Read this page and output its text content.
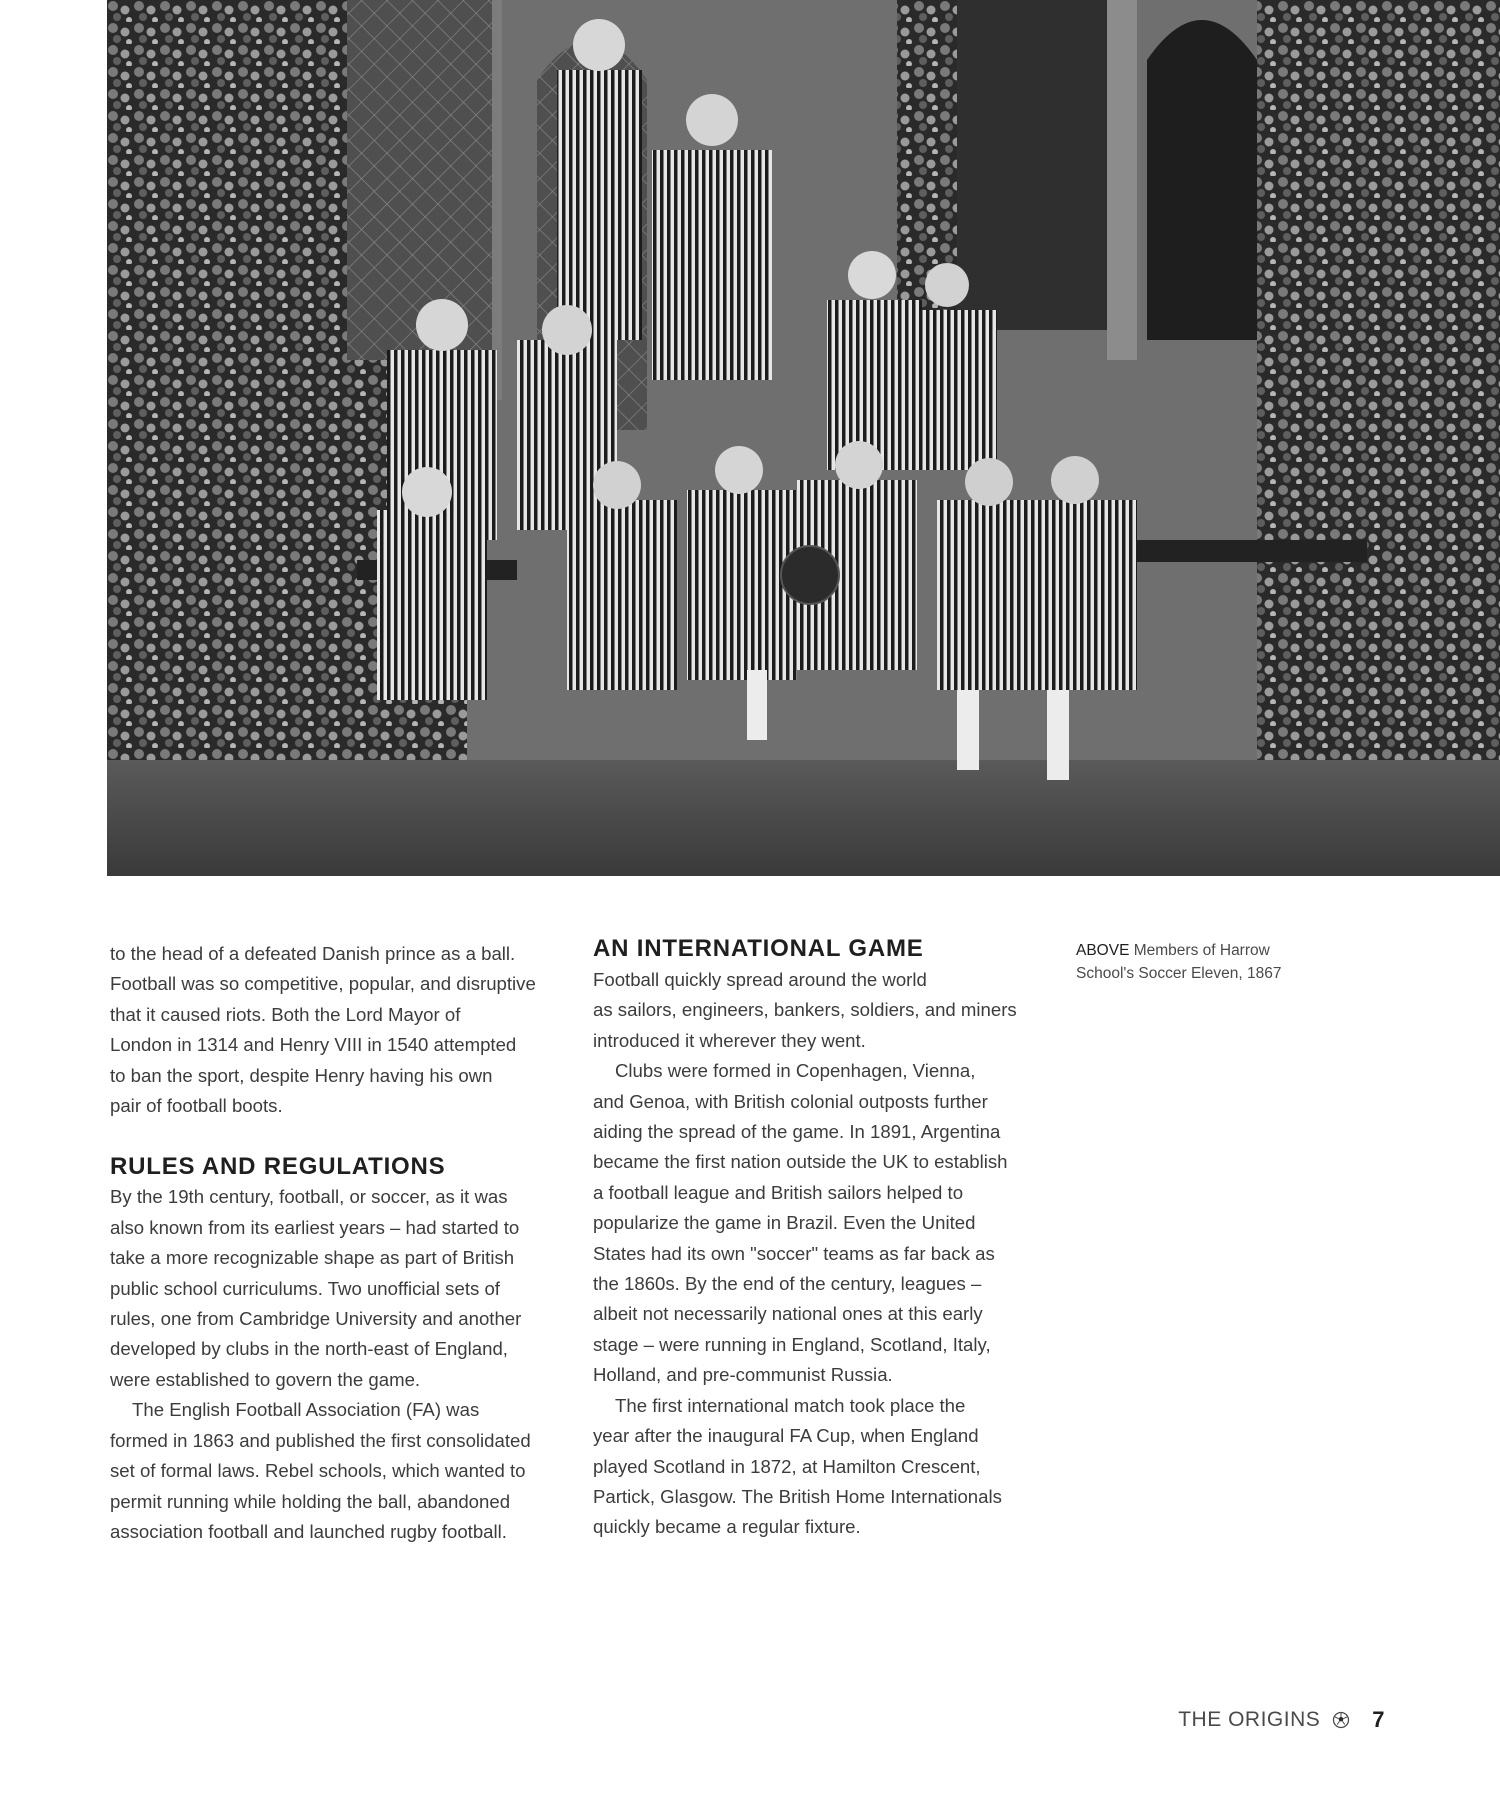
to the head of a defeated Danish prince as a ball.
Football was so competitive, popular, and disruptive
that it caused riots. Both the Lord Mayor of
London in 1314 and Henry VIII in 1540 attempted
to ban the sport, despite Henry having his own
pair of football boots.

RULES AND REGULATIONS

By the 19th century, football, or soccer, as it was
also known from its earliest years – had started to
take a more recognizable shape as part of British
public school curriculums. Two unofficial sets of
rules, one from Cambridge University and another
developed by clubs in the north-east of England,
were established to govern the game.

The English Football Association (FA) was
formed in 1863 and published the first consolidated
set of formal laws. Rebel schools, which wanted to
permit running while holding the ball, abandoned
association football and launched rugby football.

AN INTERNATIONAL GAME

Football quickly spread around the world
as sailors, engineers, bankers, soldiers, and miners
introduced it wherever they went.

Clubs were formed in Copenhagen, Vienna,
and Genoa, with British colonial outposts further
aiding the spread of the game. In 1891, Argentina
became the first nation outside the UK to establish
a football league and British sailors helped to
popularize the game in Brazil. Even the United
States had its own "soccer" teams as far back as
the 1860s. By the end of the century, leagues –
albeit not necessarily national ones at this early
stage – were running in England, Scotland, Italy,
Holland, and pre-communist Russia.

The first international match took place the
year after the inaugural FA Cup, when England
played Scotland in 1872, at Hamilton Crescent,
Partick, Glasgow. The British Home Internationals
quickly became a regular fixture.

ABOVE Members of Harrow
School's Soccer Eleven, 1867
THE ORIGINS 7
